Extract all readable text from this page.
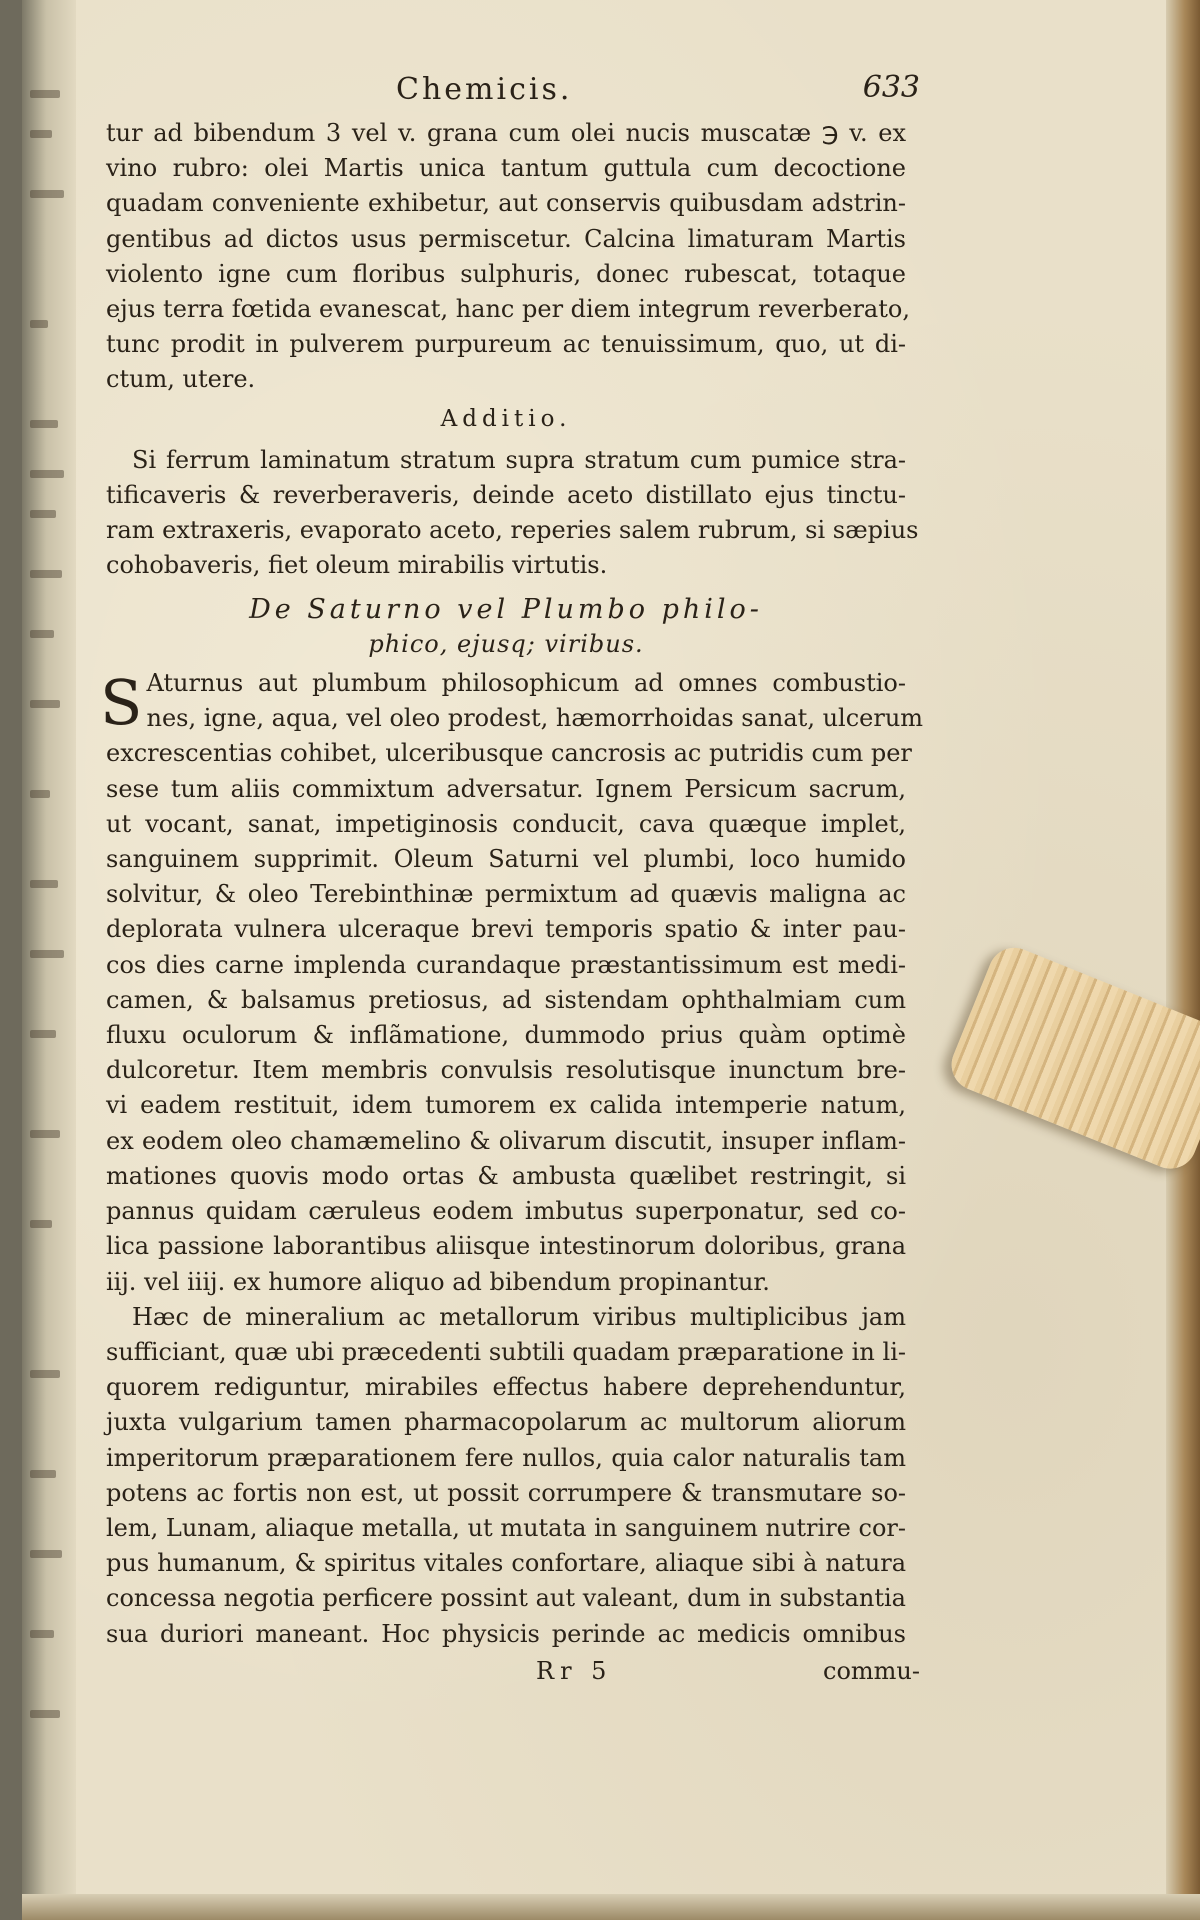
Chemicis.	633
tur ad bibendum 3 vel v. grana cum olei nucis muscatæ ℈ v. ex
vino rubro: olei Martis unica tantum guttula cum decoctione
quadam conveniente exhibetur, aut conservis quibusdam adstrin-
gentibus ad dictos usus permiscetur. Calcina limaturam Martis
violento igne cum floribus sulphuris, donec rubescat, totaque
ejus terra fœtida evanescat, hanc per diem integrum reverberato,
tunc prodit in pulverem purpureum ac tenuissimum, quo, ut di-
ctum, utere.
Additio.
Si ferrum laminatum stratum supra stratum cum pumice stra-
tificaveris & reverberaveris, deinde aceto distillato ejus tinctu-
ram extraxeris, evaporato aceto, reperies salem rubrum, si sæpius
cohobaveris, fiet oleum mirabilis virtutis.
De Saturno vel Plumbo philo-
phico, ejusq; viribus.
S Aturnus aut plumbum philosophicum ad omnes combustio-
nes, igne, aqua, vel oleo prodest, hæmorrhoidas sanat, ulcerum
excrescentias cohibet, ulceribusque cancrosis ac putridis cum per
sese tum aliis commixtum adversatur. Ignem Persicum sacrum,
ut vocant, sanat, impetiginosis conducit, cava quæque implet,
sanguinem supprimit. Oleum Saturni vel plumbi, loco humido
solvitur, & oleo Terebinthinæ permixtum ad quævis maligna ac
deplorata vulnera ulceraque brevi temporis spatio & inter pau-
cos dies carne implenda curandaque præstantissimum est medi-
camen, & balsamus pretiosus, ad sistendam ophthalmiam cum
fluxu oculorum & inflãmatione, dummodo prius quàm optimè
dulcoretur. Item membris convulsis resolutisque inunctum bre-
vi eadem restituit, idem tumorem ex calida intemperie natum,
ex eodem oleo chamæmelino & olivarum discutit, insuper inflam-
mationes quovis modo ortas & ambusta quælibet restringit, si
pannus quidam cæruleus eodem imbutus superponatur, sed co-
lica passione laborantibus aliisque intestinorum doloribus, grana
iij. vel iiij. ex humore aliquo ad bibendum propinantur.
Hæc de mineralium ac metallorum viribus multiplicibus jam
sufficiant, quæ ubi præcedenti subtili quadam præparatione in li-
quorem rediguntur, mirabiles effectus habere deprehenduntur,
juxta vulgarium tamen pharmacopolarum ac multorum aliorum
imperitorum præparationem fere nullos, quia calor naturalis tam
potens ac fortis non est, ut possit corrumpere & transmutare so-
lem, Lunam, aliaque metalla, ut mutata in sanguinem nutrire cor-
pus humanum, & spiritus vitales confortare, aliaque sibi à natura
concessa negotia perficere possint aut valeant, dum in substantia
sua duriori maneant. Hoc physicis perinde ac medicis omnibus
Rr 5	commu-
